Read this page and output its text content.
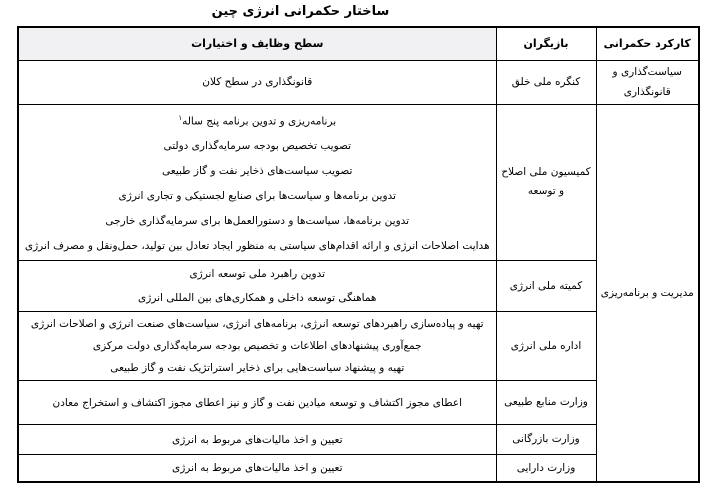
ساختار حکمرانی انرژی چین
کارکرد حکمرانی	بازیگران	سطح وظایف و اختیارات
سیاست‌گذاری و قانونگذاری	کنگره ملی خلق	قانونگذاری در سطح کلان

مدیریت و برنامه‌ریزی	کمیسیون ملی اصلاح و توسعه	
برنامه‌ریزی و تدوین برنامه پنج ساله$^۱$
تصویب تخصیص بودجه سرمایه‌گذاری دولتی
تصویب سیاست‌های ذخایر نفت و گاز طبیعی
تدوین برنامه‌ها و سیاست‌ها برای صنایع لجستیکی و تجاری انرژی
تدوین برنامه‌ها، سیاست‌ها و دستورالعمل‌ها برای سرمایه‌گذاری خارجی
هدایت اصلاحات انرژی و ارائه اقدام‌های سیاستی به منظور ایجاد تعادل بین تولید، حمل‌ونقل و مصرف انرژی

	کمیته ملی انرژی	تدوین راهبرد ملی توسعه انرژی
هماهنگی توسعه داخلی و همکاری‌های بین المللی انرژی

	اداره ملی انرژی	تهیه و پیاده‌سازی راهبردهای توسعه انرژی، برنامه‌های انرژی، سیاست‌های صنعت انرژی و اصلاحات انرژی
جمع‌آوری پیشنهادهای اطلاعات و تخصیص بودجه سرمایه‌گذاری دولت مرکزی
تهیه و پیشنهاد سیاست‌هایی برای ذخایر استراتژیک نفت و گاز طبیعی

	وزارت منابع طبیعی	اعطای مجوز اکتشاف و توسعه میادین نفت و گاز و نیز اعطای مجوز اکتشاف و استخراج معادن

	وزارت بازرگانی	تعیین و اخذ مالیات‌های مربوط به انرژی

	وزارت دارایی	تعیین و اخذ مالیات‌های مربوط به انرژی
